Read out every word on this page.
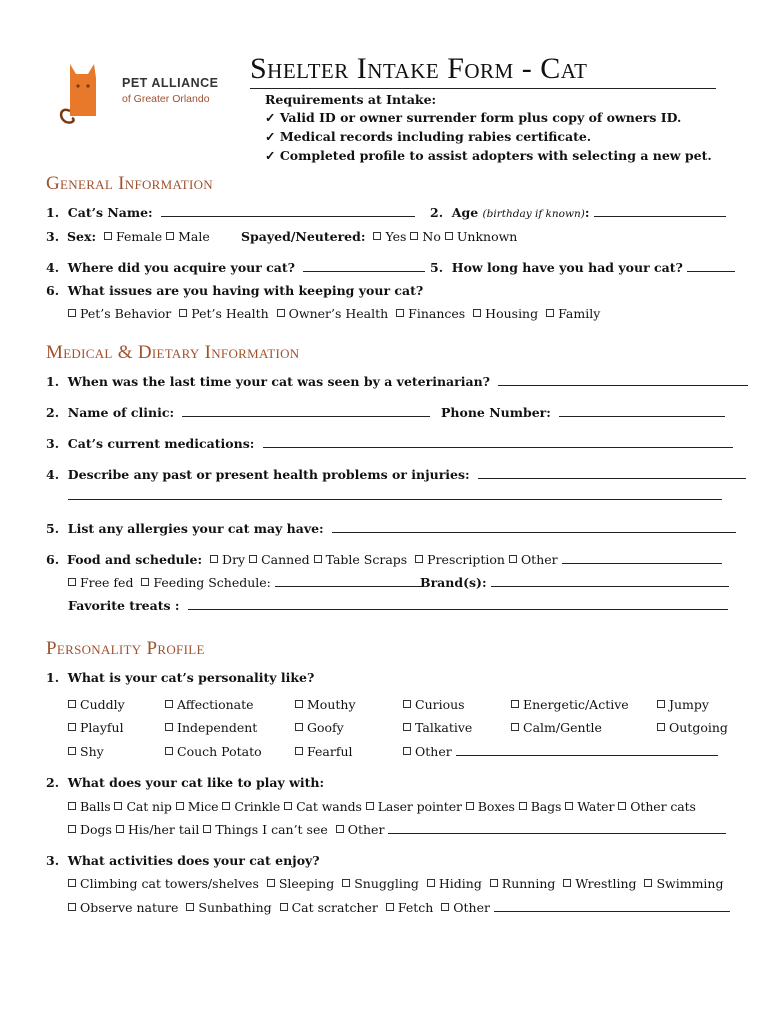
PET ALLIANCE
of Greater Orlando
Shelter Intake Form - Cat
Requirements at Intake:
✓ Valid ID or owner surrender form plus copy of owners ID.
✓ Medical records including rabies certificate.
✓ Completed profile to assist adopters with selecting a new pet.
General Information
1. Cat’s Name:	2. Age (birthday if known):
3. Sex: Female Male	Spayed/Neutered: Yes No Unknown
4. Where did you acquire your cat?	5. How long have you had your cat?
6. What issues are you having with keeping your cat?
Pet’s Behavior Pet’s Health Owner’s Health Finances Housing Family
Medical & Dietary Information
1. When was the last time your cat was seen by a veterinarian?
2. Name of clinic:	Phone Number:
3. Cat’s current medications:
4. Describe any past or present health problems or injuries:
5. List any allergies your cat may have:
6. Food and schedule: Dry Canned Table Scraps Prescription Other
Free fed Feeding Schedule:	Brand(s):
Favorite treats :
Personality Profile
1. What is your cat’s personality like?
Cuddly	Affectionate	Mouthy	Curious	Energetic/Active	Jumpy
Playful	Independent	Goofy	Talkative	Calm/Gentle	Outgoing
Shy	Couch Potato	Fearful	Other
2. What does your cat like to play with:
Balls Cat nip Mice Crinkle Cat wands Laser pointer Boxes Bags Water Other cats
Dogs His/her tail Things I can’t see Other
3. What activities does your cat enjoy?
Climbing cat towers/shelves Sleeping Snuggling Hiding Running Wrestling Swimming
Observe nature Sunbathing Cat scratcher Fetch Other
